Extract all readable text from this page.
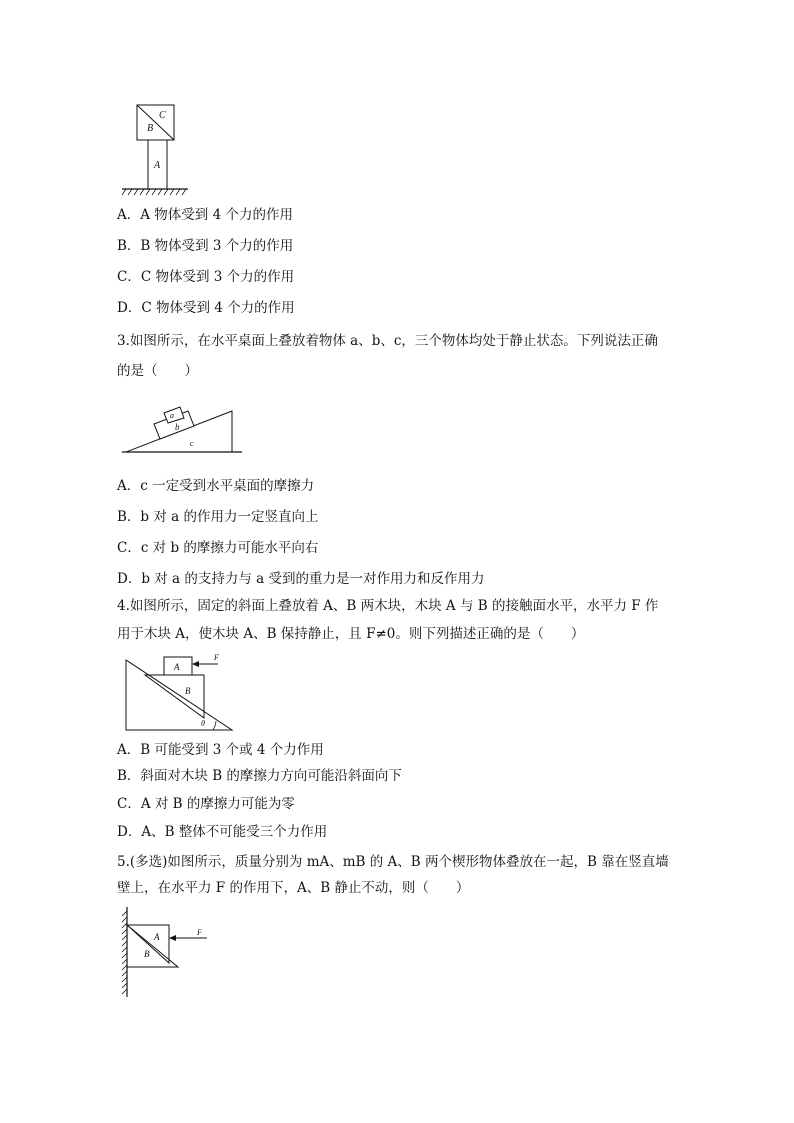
C
B
A
A．A 物体受到 4 个力的作用
B．B 物体受到 3 个力的作用
C．C 物体受到 3 个力的作用
D．C 物体受到 4 个力的作用
3.如图所示，在水平桌面上叠放着物体 a、b、c，三个物体均处于静止状态。下列说法正确
的是（　　）
a
b
c
A．c 一定受到水平桌面的摩擦力
B．b 对 a 的作用力一定竖直向上
C．c 对 b 的摩擦力可能水平向右
D．b 对 a 的支持力与 a 受到的重力是一对作用力和反作用力
4.如图所示，固定的斜面上叠放着 A、B 两木块，木块 A 与 B 的接触面水平，水平力 F 作
用于木块 A，使木块 A、B 保持静止，且 F≠0。则下列描述正确的是（　　）
A
F
B
θ
A．B 可能受到 3 个或 4 个力作用
B．斜面对木块 B 的摩擦力方向可能沿斜面向下
C．A 对 B 的摩擦力可能为零
D．A、B 整体不可能受三个力作用
5.(多选)如图所示，质量分别为 mA、mB 的 A、B 两个楔形物体叠放在一起，B 靠在竖直墙
壁上，在水平力 F 的作用下，A、B 静止不动，则（　　）
A	F
B
